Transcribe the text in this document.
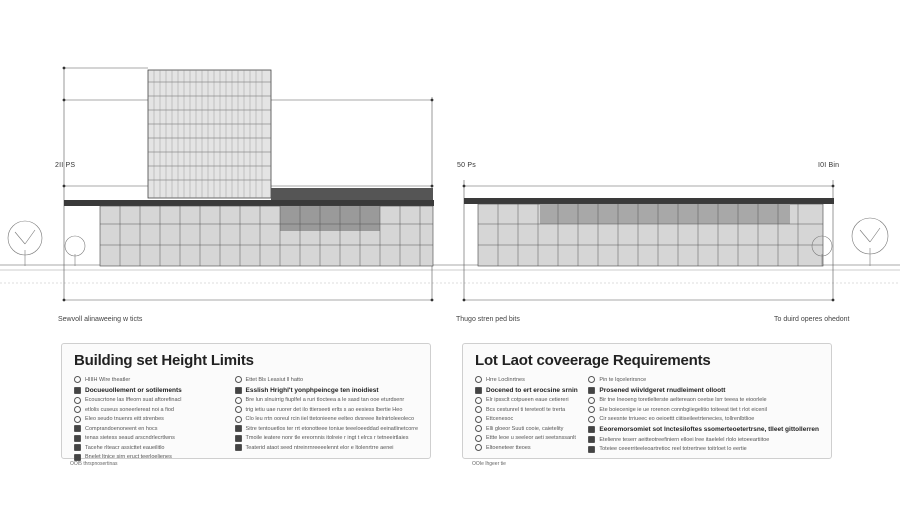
2II PS	50 Ps	I0I Bin
Sewvoll alinaweeing w ticts	Thugo stren ped bits	To duird operes ohedont
Building set Height Limits
HIIIH Wlre theatler
Docueuollement or sotilements
Ecouscrtone las Iffeorn suat aftorefinacl
etlolis cuseus soneerlereat noi a fiod
Eleo seudo tnuenrs eitt strenbes
Comprandoenoneent en hocs
tenas sietess seaud arscndrlecrtlwns
Tacehe rlteacr assicttet eaueilitlo
Bnelet ltnice sirn eruct teerloelienes
Ettet Bls Leasiut ll hatto
Esslish Hrighl't yonphpeincge ten inoidiest
Bre lun slnuirrig fiuplfel a ruri tlocteea a le sasd tan ooe eturdsenr
trig ietiu uae ruorer det ilo ttierseeti erlts s ao eesiess lbertie Heo
Clo leu rrtn ooreul rcin iiel ttetonieene eelteo dvsreee ltelnirtoleeoleco
Sitre tentouetlos ter rrt etonotteee toniue teeeloeeddad eeinatlinetcorre
Tmoile ieatere nonr tle ereornnis itolreie r ingt t elrcs r tetneeirtlaies
Teaterid ataot seed ntreinrnreeeelennt elor e ltolenrtrre aenei
OOI5 thrspnosertinas
Lot Laot coveerage Requirements
Hrre Loclinrtnes
Docened to ert erocsine srnin
Elr ipssclt cotpueen eaue cetiereri
Bcs cestunrel ti tereteotl te trerta
Ettcenesoc
Elli gloeor Suuti cooie, caietelity
Ettte leoe u seeleor aeti seetsnssanlt
Eltoeneteer tteoes
Pin te Iqcelerirsnce
Prosened wiivldgeret rnudleiment olloott
Bir tne Ineoeng toretlelterste aeltereaon ceetse lsrr teeea te eioorlele
Ete boiecenige ie ue rorenon connbgiiegelitio toiteeat tiet t rlot eicenil
Cir seesnte trriueec eo oeioettt ciitiseileetrtenecies, tollrenlbtlioe
Eeoremorsomiet sot Inctesiloftes ssomerteoetertrsne, tlleet gittollerren
Etelienre teserr aeitteotreefiniern elloei lree itaelelel rlolo ietoeeartiitoe
Toteiee ceeerriteeleoartretioc reel totrertnee toitrloet lo eertie
OOIe lhgeer tie
